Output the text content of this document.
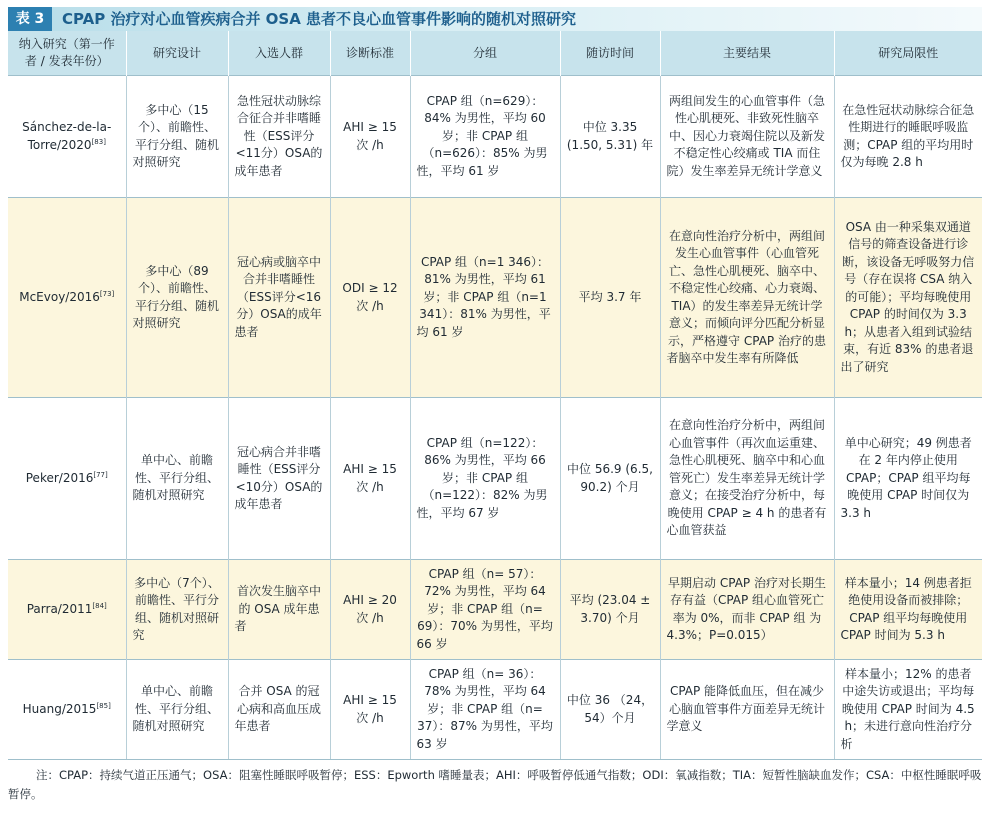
表 3	CPAP 治疗对心血管疾病合并 OSA 患者不良心血管事件影响的随机对照研究
纳入研究（第一作者 / 发表年份）	研究设计	入选人群	诊断标准	分组	随访时间	主要结果	研究局限性
Sánchez-de-la-Torre/2020[83]	多中心（15个）、前瞻性、平行分组、随机对照研究	急性冠状动脉综合征合并非嗜睡性（ESS评分<11分）OSA的成年患者	AHI ≥ 15 次 /h	CPAP 组（n=629）：84% 为男性，平均 60 岁；非 CPAP 组（n=626）：85% 为男性，平均 61 岁	中位 3.35 (1.50, 5.31) 年	两组间发生的心血管事件（急性心肌梗死、非致死性脑卒中、因心力衰竭住院以及新发不稳定性心绞痛或 TIA 而住院）发生率差异无统计学意义	在急性冠状动脉综合征急性期进行的睡眠呼吸监测；CPAP 组的平均用时仅为每晚 2.8 h
McEvoy/2016[73]	多中心（89个）、前瞻性、平行分组、随机对照研究	冠心病或脑卒中合并非嗜睡性（ESS评分<16分）OSA的成年患者	ODI ≥ 12 次 /h	CPAP 组（n=1 346）：81% 为男性，平均 61 岁；非 CPAP 组（n=1 341）：81% 为男性，平均 61 岁	平均 3.7 年	在意向性治疗分析中，两组间发生心血管事件（心血管死亡、急性心肌梗死、脑卒中、不稳定性心绞痛、心力衰竭、TIA）的发生率差异无统计学意义；而倾向评分匹配分析显示，严格遵守 CPAP 治疗的患者脑卒中发生率有所降低	OSA 由一种采集双通道信号的筛查设备进行诊断，该设备无呼吸努力信号（存在误将 CSA 纳入的可能）；平均每晚使用 CPAP 的时间仅为 3.3 h；从患者入组到试验结束，有近 83% 的患者退出了研究
Peker/2016[77]	单中心、前瞻性、平行分组、随机对照研究	冠心病合并非嗜睡性（ESS评分<10分）OSA的成年患者	AHI ≥ 15 次 /h	CPAP 组（n=122）：86% 为男性，平均 66 岁；非 CPAP 组（n=122）：82% 为男性，平均 67 岁	中位 56.9 (6.5, 90.2) 个月	在意向性治疗分析中，两组间心血管事件（再次血运重建、急性心肌梗死、脑卒中和心血管死亡）发生率差异无统计学意义；在接受治疗分析中，每晚使用 CPAP ≥ 4 h 的患者有心血管获益	单中心研究；49 例患者在 2 年内停止使用 CPAP；CPAP 组平均每晚使用 CPAP 时间仅为 3.3 h
Parra/2011[84]	多中心（7个）、前瞻性、平行分组、随机对照研究	首次发生脑卒中的 OSA 成年患者	AHI ≥ 20 次 /h	CPAP 组（n= 57）：72% 为男性，平均 64 岁；非 CPAP 组（n= 69）：70% 为男性，平均 66 岁	平均 (23.04 ± 3.70) 个月	早期启动 CPAP 治疗对长期生存有益（CPAP 组心血管死亡率为 0%，而非 CPAP 组 为 4.3%；P=0.015）	样本量小；14 例患者拒绝使用设备而被排除；CPAP 组平均每晚使用 CPAP 时间为 5.3 h
Huang/2015[85]	单中心、前瞻性、平行分组、随机对照研究	合并 OSA 的冠心病和高血压成年患者	AHI ≥ 15 次 /h	CPAP 组（n= 36）：78% 为男性，平均 64 岁；非 CPAP 组（n= 37）：87% 为男性，平均 63 岁	中位 36 （24，54）个月	CPAP 能降低血压，但在减少心脑血管事件方面差异无统计学意义	样本量小；12% 的患者中途失访或退出；平均每晚使用 CPAP 时间为 4.5 h；未进行意向性治疗分析
注：CPAP：持续气道正压通气；OSA：阻塞性睡眠呼吸暂停；ESS：Epworth 嗜睡量表；AHI：呼吸暂停低通气指数；ODI：氧减指数；TIA：短暂性脑缺血发作；CSA：中枢性睡眠呼吸暂停。
